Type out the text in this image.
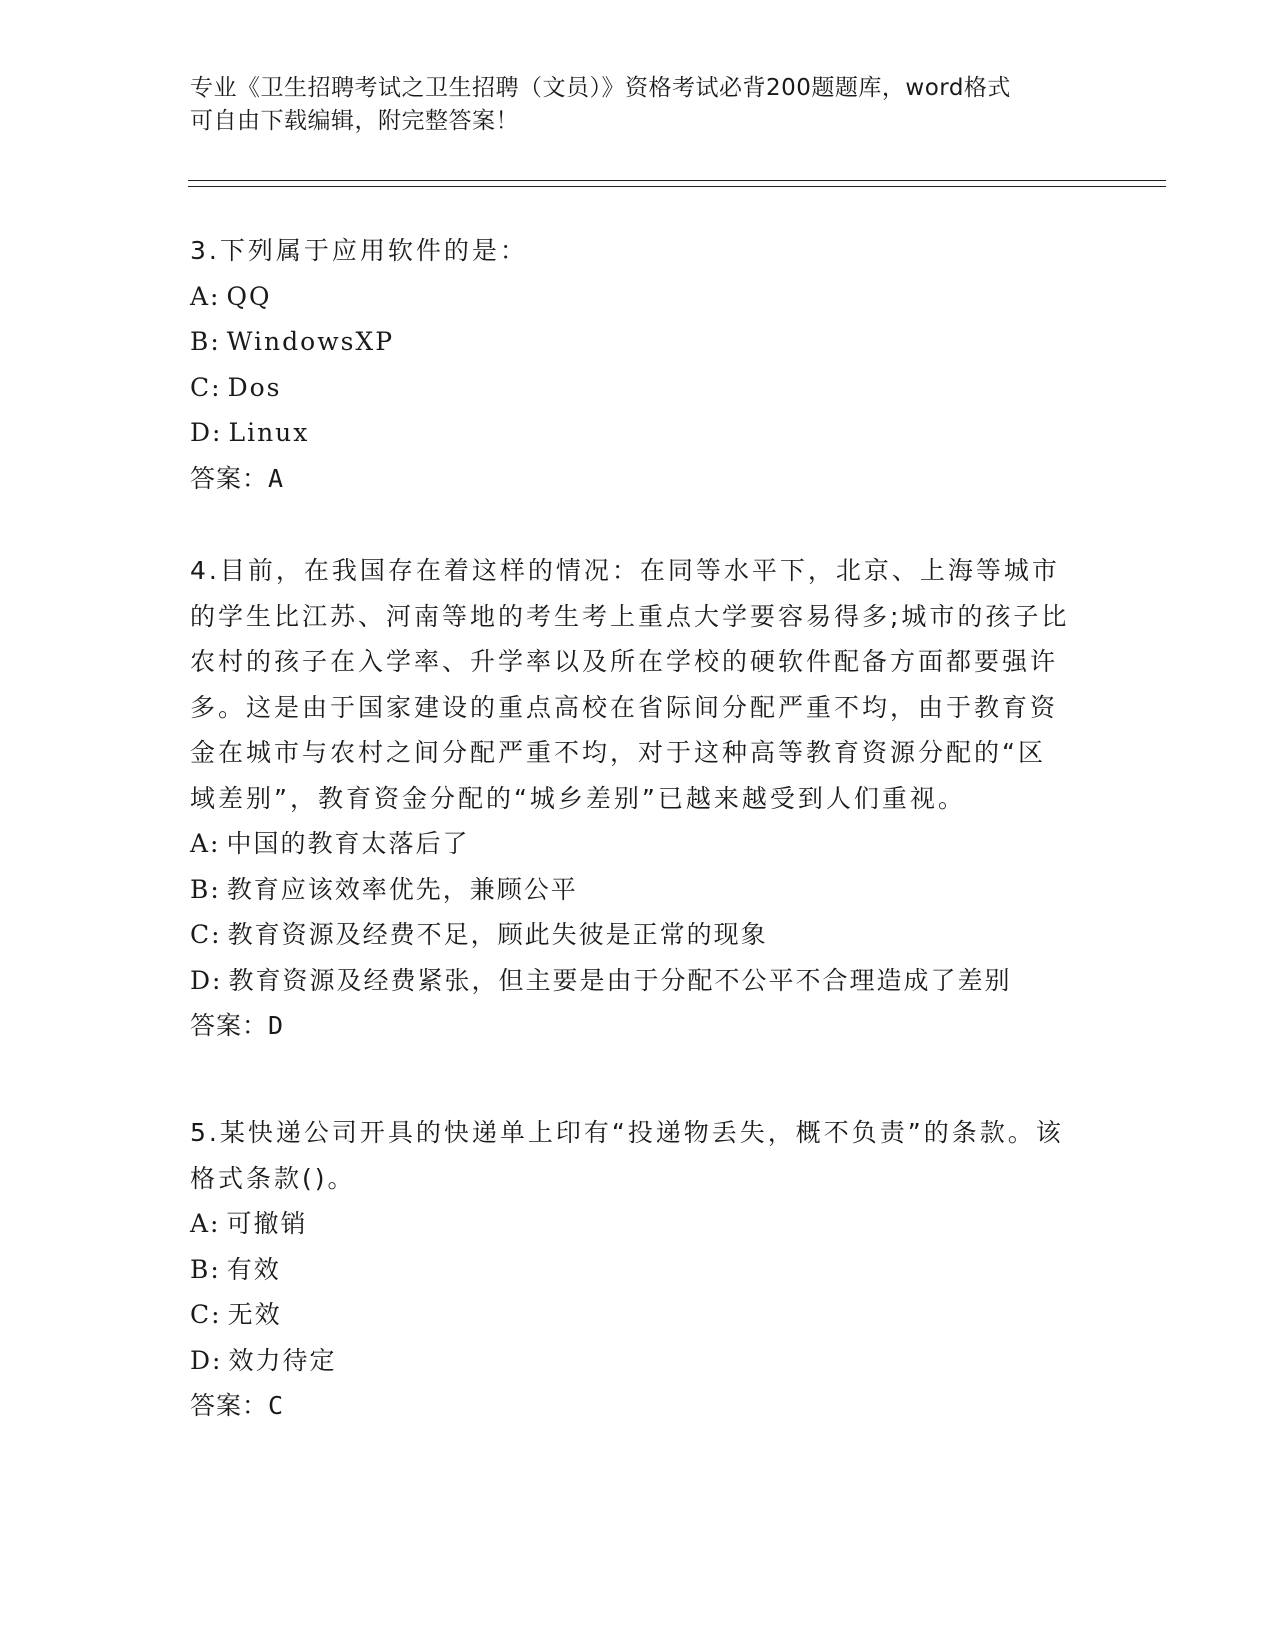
专业《卫生招聘考试之卫生招聘（文员）》资格考试必背200题题库，word格式
可自由下载编辑，附完整答案！

3.下列属于应用软件的是：

A: QQ
B: WindowsXP
C: Dos
D: Linux
答案：A

4.目前，在我国存在着这样的情况：在同等水平下，北京、上海等城市的学生比江苏、河南等地的考生考上重点大学要容易得多;城市的孩子比农村的孩子在入学率、升学率以及所在学校的硬软件配备方面都要强许多。这是由于国家建设的重点高校在省际间分配严重不均，由于教育资金在城市与农村之间分配严重不均，对于这种高等教育资源分配的“区域差别”，教育资金分配的“城乡差别”已越来越受到人们重视。

A: 中国的教育太落后了
B: 教育应该效率优先，兼顾公平
C: 教育资源及经费不足，顾此失彼是正常的现象
D: 教育资源及经费紧张，但主要是由于分配不公平不合理造成了差别
答案：D

5.某快递公司开具的快递单上印有“投递物丢失，概不负责”的条款。该格式条款()。

A: 可撤销
B: 有效
C: 无效
D: 效力待定
答案：C
